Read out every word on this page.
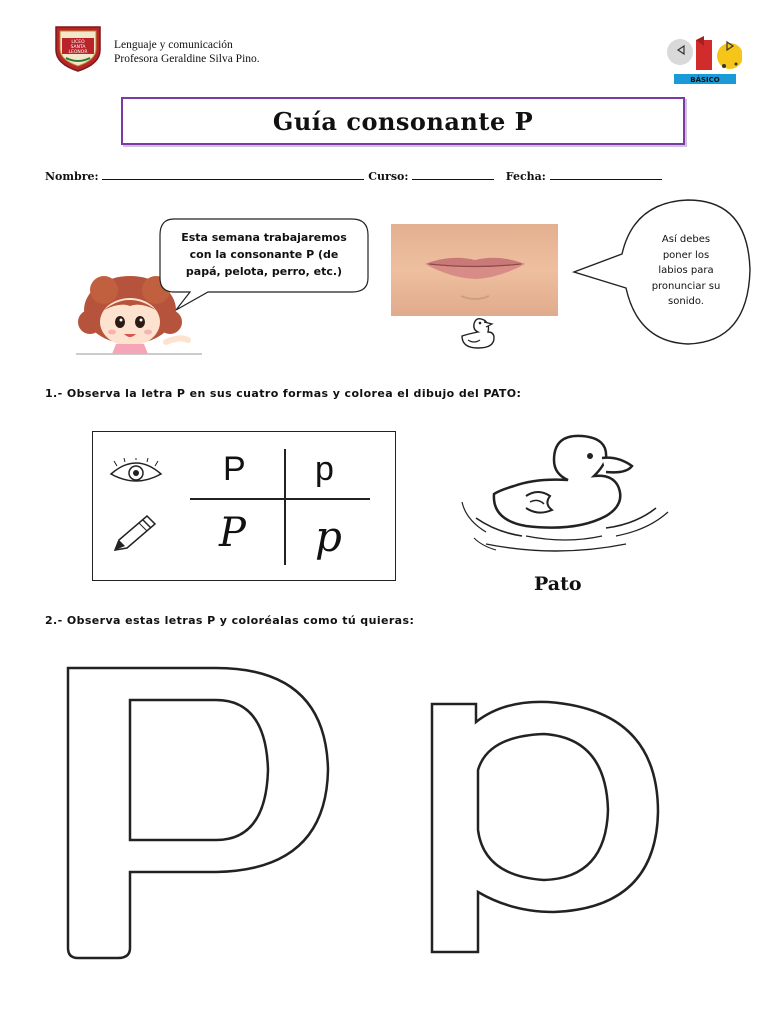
LICEO
SANTA
LEONOR
Lenguaje y comunicación
Profesora Geraldine Silva Pino.
BÁSICO
Guía consonante P
Nombre:	Curso:	Fecha:
Esta semana trabajaremos con la consonante P (de papá, pelota, perro, etc.)
Así debes poner los labios para pronunciar su sonido.
1.- Observa la letra P en sus cuatro formas y colorea el dibujo del PATO:
P p
P p
Pato
2.- Observa estas letras P y coloréalas como tú quieras:
